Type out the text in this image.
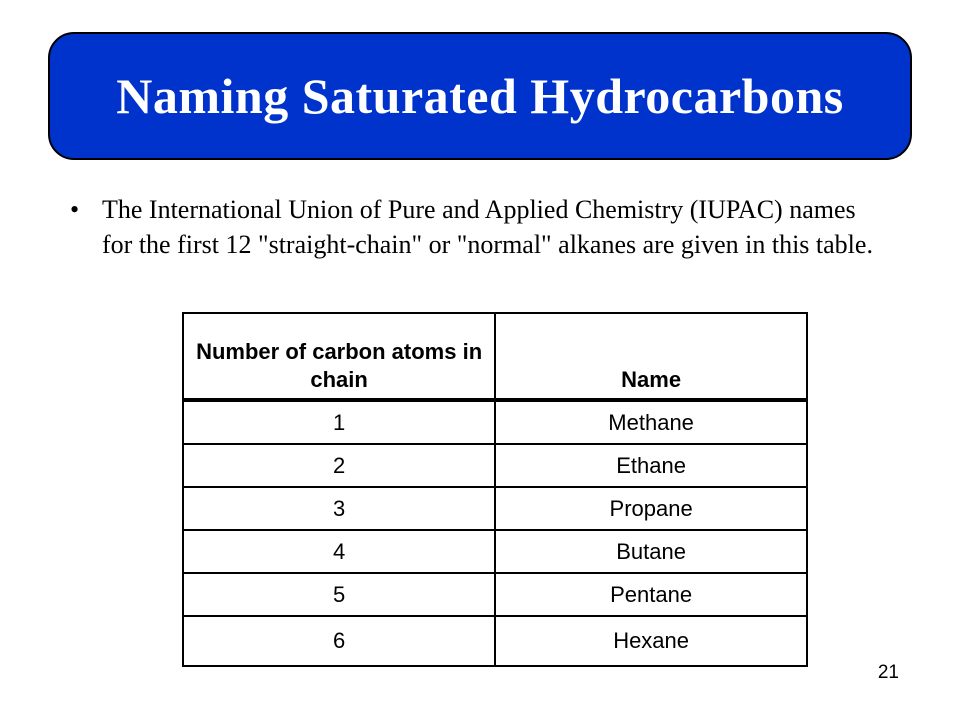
Naming Saturated Hydrocarbons
• The International Union of Pure and Applied Chemistry (IUPAC) names for the first 12 "straight-chain" or "normal" alkanes are given in this table.
Number of carbon atoms in chain	Name
1	Methane
2	Ethane
3	Propane
4	Butane
5	Pentane
6	Hexane
21
